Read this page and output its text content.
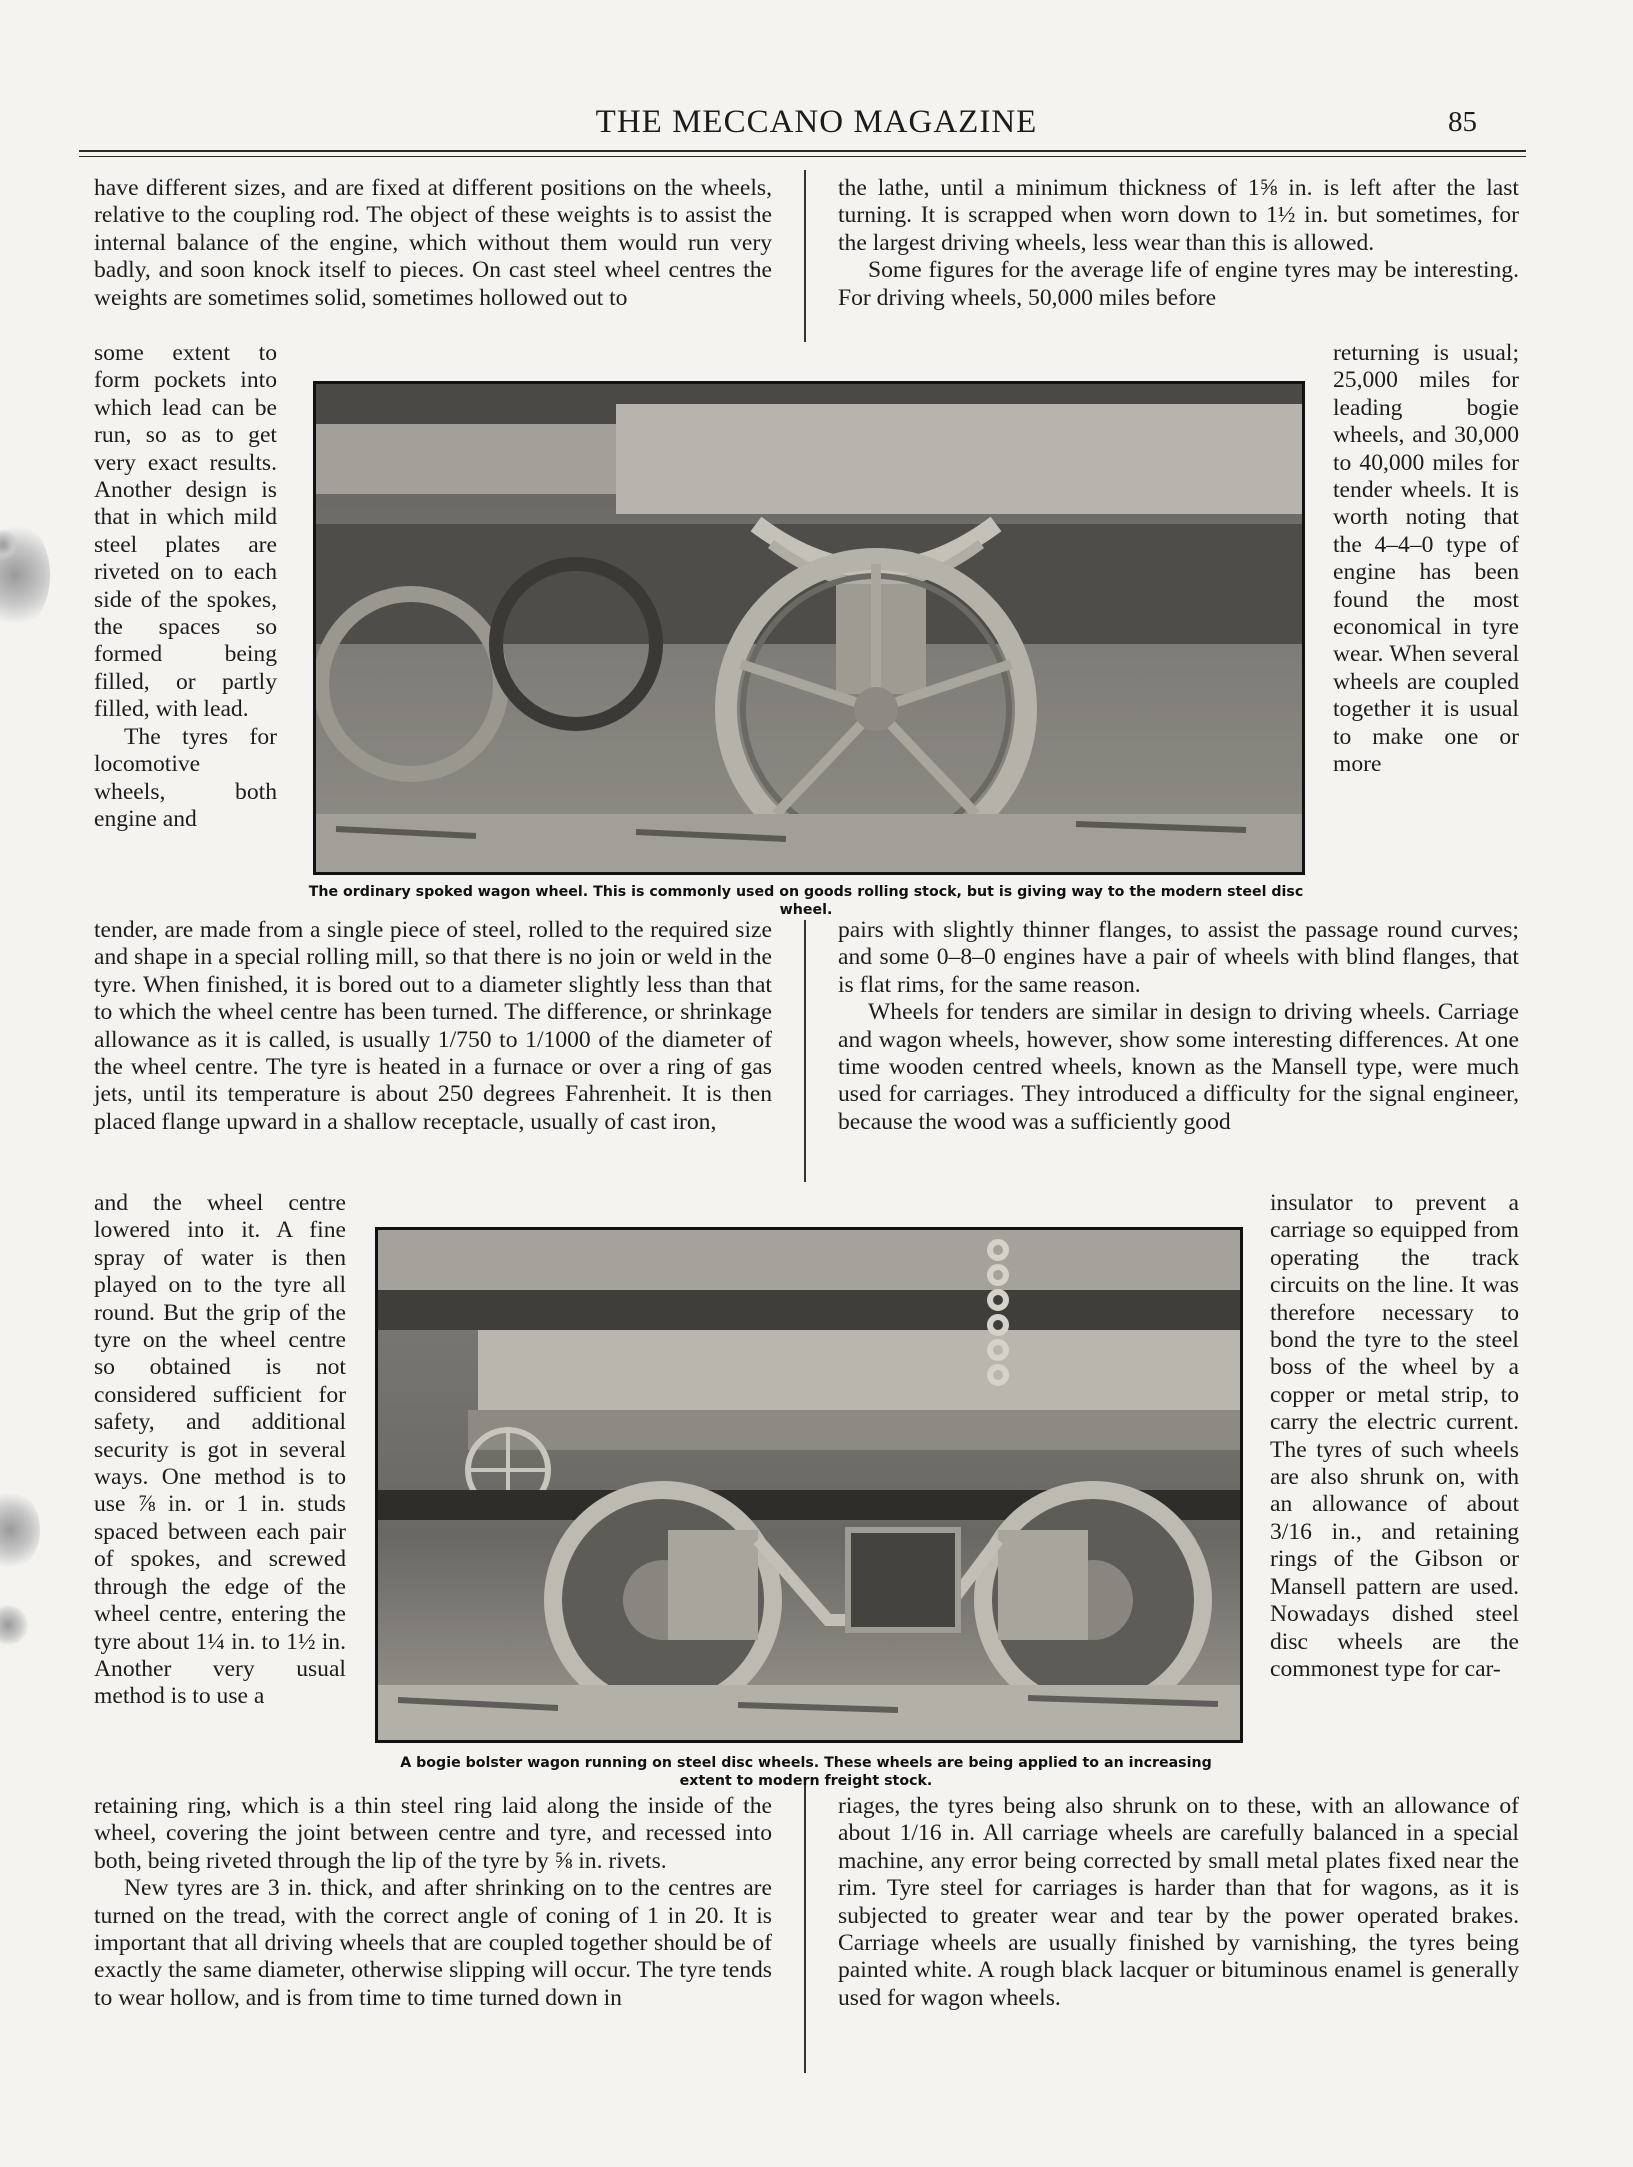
THE MECCANO MAGAZINE	85

have different sizes, and are fixed at different positions on the wheels, relative to the coupling rod. The object of these weights is to assist the internal balance of the engine, which without them would run very badly, and soon knock itself to pieces. On cast steel wheel centres the weights are sometimes solid, sometimes hollowed out to

the lathe, until a minimum thickness of 1⅝ in. is left after the last turning. It is scrapped when worn down to 1½ in. but sometimes, for the largest driving wheels, less wear than this is allowed.

Some figures for the average life of engine tyres may be interesting. For driving wheels, 50,000 miles before

some extent to form pockets into which lead can be run, so as to get very exact results. Another design is that in which mild steel plates are riveted on to each side of the spokes, the spaces so formed being filled, or partly filled, with lead.

The tyres for locomotive wheels, both engine and

returning is usual; 25,000 miles for leading bogie wheels, and 30,000 to 40,000 miles for tender wheels. It is worth noting that the 4–4–0 type of engine has been found the most economical in tyre wear. When several wheels are coupled together it is usual to make one or more

The ordinary spoked wagon wheel. This is commonly used on goods rolling stock, but is giving way to the modern steel disc wheel.

tender, are made from a single piece of steel, rolled to the required size and shape in a special rolling mill, so that there is no join or weld in the tyre. When finished, it is bored out to a diameter slightly less than that to which the wheel centre has been turned. The difference, or shrinkage allowance as it is called, is usually 1/750 to 1/1000 of the diameter of the wheel centre. The tyre is heated in a furnace or over a ring of gas jets, until its temperature is about 250 degrees Fahrenheit. It is then placed flange upward in a shallow receptacle, usually of cast iron,

pairs with slightly thinner flanges, to assist the passage round curves; and some 0–8–0 engines have a pair of wheels with blind flanges, that is flat rims, for the same reason.

Wheels for tenders are similar in design to driving wheels. Carriage and wagon wheels, however, show some interesting differences. At one time wooden centred wheels, known as the Mansell type, were much used for carriages. They introduced a difficulty for the signal engineer, because the wood was a sufficiently good

and the wheel centre lowered into it. A fine spray of water is then played on to the tyre all round. But the grip of the tyre on the wheel centre so obtained is not considered sufficient for safety, and additional security is got in several ways. One method is to use ⅞ in. or 1 in. studs spaced between each pair of spokes, and screwed through the edge of the wheel centre, entering the tyre about 1¼ in. to 1½ in. Another very usual method is to use a

insulator to prevent a carriage so equipped from operating the track circuits on the line. It was therefore necessary to bond the tyre to the steel boss of the wheel by a copper or metal strip, to carry the electric current. The tyres of such wheels are also shrunk on, with an allowance of about 3/16 in., and retaining rings of the Gibson or Mansell pattern are used. Nowadays dished steel disc wheels are the commonest type for car-

A bogie bolster wagon running on steel disc wheels. These wheels are being applied to an increasing extent to modern freight stock.

retaining ring, which is a thin steel ring laid along the inside of the wheel, covering the joint between centre and tyre, and recessed into both, being riveted through the lip of the tyre by ⅝ in. rivets.

New tyres are 3 in. thick, and after shrinking on to the centres are turned on the tread, with the correct angle of coning of 1 in 20. It is important that all driving wheels that are coupled together should be of exactly the same diameter, otherwise slipping will occur. The tyre tends to wear hollow, and is from time to time turned down in

riages, the tyres being also shrunk on to these, with an allowance of about 1/16 in. All carriage wheels are carefully balanced in a special machine, any error being corrected by small metal plates fixed near the rim. Tyre steel for carriages is harder than that for wagons, as it is subjected to greater wear and tear by the power operated brakes. Carriage wheels are usually finished by varnishing, the tyres being painted white. A rough black lacquer or bituminous enamel is generally used for wagon wheels.
